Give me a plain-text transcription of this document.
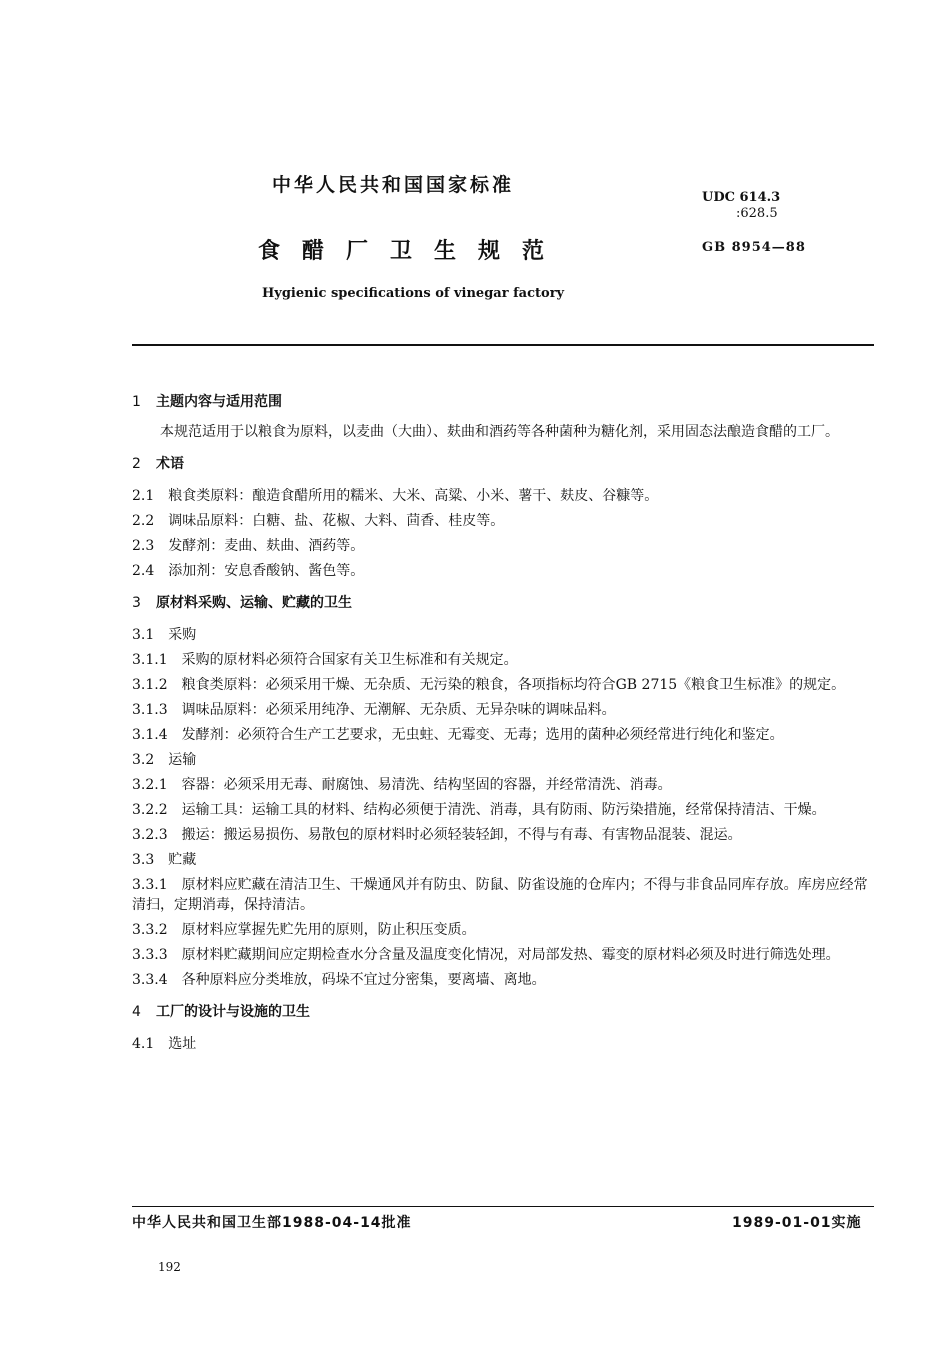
中华人民共和国国家标准
食醋厂卫生规范
Hygienic specifications of vinegar factory
UDC 614.3
:628.5
GB 8954—88
1 主题内容与适用范围
本规范适用于以粮食为原料，以麦曲（大曲）、麸曲和酒药等各种菌种为糖化剂，采用固态法酿造食醋的工厂。
2 术语
2.1 粮食类原料：酿造食醋所用的糯米、大米、高粱、小米、薯干、麸皮、谷糠等。
2.2 调味品原料：白糖、盐、花椒、大料、茴香、桂皮等。
2.3 发酵剂：麦曲、麸曲、酒药等。
2.4 添加剂：安息香酸钠、酱色等。
3 原材料采购、运输、贮藏的卫生
3.1 采购
3.1.1 采购的原材料必须符合国家有关卫生标准和有关规定。
3.1.2 粮食类原料：必须采用干燥、无杂质、无污染的粮食，各项指标均符合GB 2715《粮食卫生标准》的规定。
3.1.3 调味品原料：必须采用纯净、无潮解、无杂质、无异杂味的调味品料。
3.1.4 发酵剂：必须符合生产工艺要求，无虫蛀、无霉变、无毒；选用的菌种必须经常进行纯化和鉴定。
3.2 运输
3.2.1 容器：必须采用无毒、耐腐蚀、易清洗、结构坚固的容器，并经常清洗、消毒。
3.2.2 运输工具：运输工具的材料、结构必须便于清洗、消毒，具有防雨、防污染措施，经常保持清洁、干燥。
3.2.3 搬运：搬运易损伤、易散包的原材料时必须轻装轻卸，不得与有毒、有害物品混装、混运。
3.3 贮藏
3.3.1 原材料应贮藏在清洁卫生、干燥通风并有防虫、防鼠、防雀设施的仓库内；不得与非食品同库存放。库房应经常清扫，定期消毒，保持清洁。
3.3.2 原材料应掌握先贮先用的原则，防止积压变质。
3.3.3 原材料贮藏期间应定期检查水分含量及温度变化情况，对局部发热、霉变的原材料必须及时进行筛选处理。
3.3.4 各种原料应分类堆放，码垛不宜过分密集，要离墙、离地。
4 工厂的设计与设施的卫生
4.1 选址
中华人民共和国卫生部1988-04-14批准	1989-01-01实施
192
